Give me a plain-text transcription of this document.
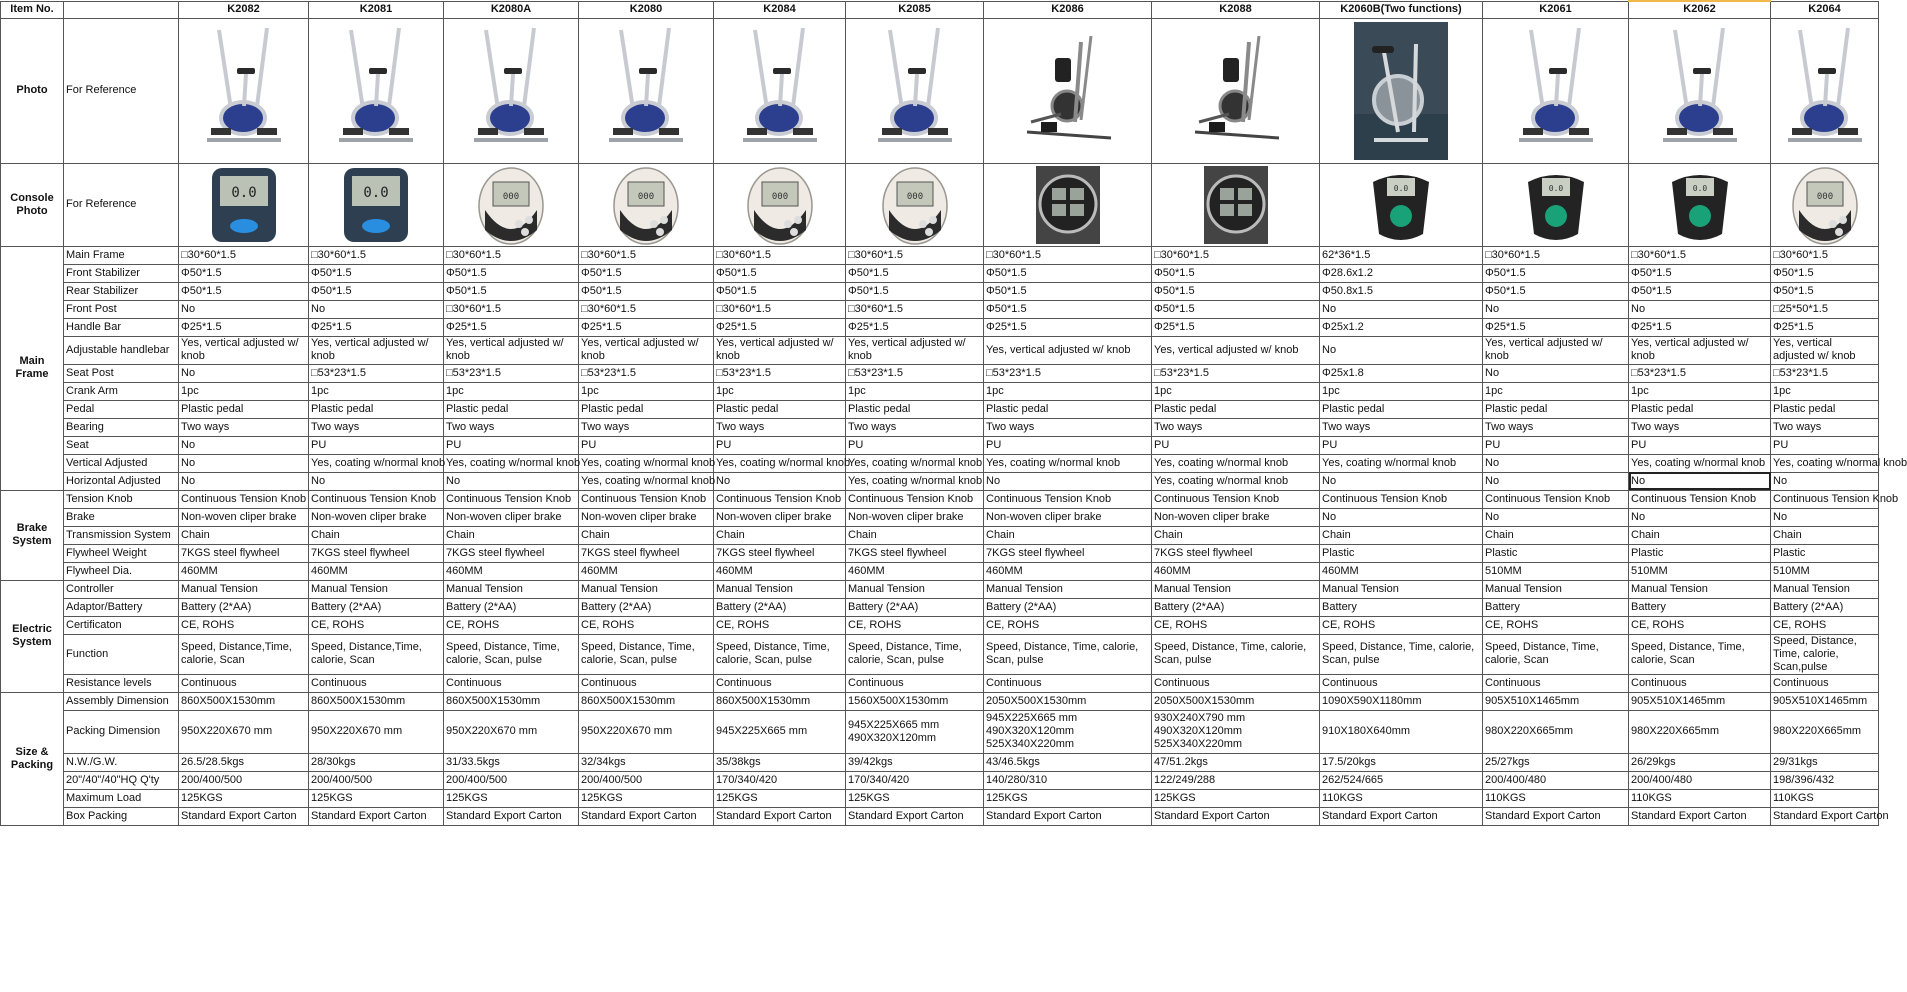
Item No.		K2082	K2081	K2080A	K2080	K2084	K2085	K2086	K2088	K2060B(Two functions)	K2061	K2062	K2064
Photo	For Reference	

Console Photo	For Reference	0.0	0.0	000	000	000	000			0.0	0.0	0.0	000

Main Frame	Main Frame	□30*60*1.5	□30*60*1.5	□30*60*1.5	□30*60*1.5	□30*60*1.5	□30*60*1.5	□30*60*1.5	□30*60*1.5	62*36*1.5	□30*60*1.5	□30*60*1.5	□30*60*1.5
	Front Stabilizer	Φ50*1.5	Φ50*1.5	Φ50*1.5	Φ50*1.5	Φ50*1.5	Φ50*1.5	Φ50*1.5	Φ50*1.5	Φ28.6x1.2	Φ50*1.5	Φ50*1.5	Φ50*1.5
	Rear Stabilizer	Φ50*1.5	Φ50*1.5	Φ50*1.5	Φ50*1.5	Φ50*1.5	Φ50*1.5	Φ50*1.5	Φ50*1.5	Φ50.8x1.5	Φ50*1.5	Φ50*1.5	Φ50*1.5
	Front Post	No	No	□30*60*1.5	□30*60*1.5	□30*60*1.5	□30*60*1.5	Φ50*1.5	Φ50*1.5	No	No	No	□25*50*1.5
	Handle Bar	Φ25*1.5	Φ25*1.5	Φ25*1.5	Φ25*1.5	Φ25*1.5	Φ25*1.5	Φ25*1.5	Φ25*1.5	Φ25x1.2	Φ25*1.5	Φ25*1.5	Φ25*1.5
	Adjustable handlebar	Yes, vertical adjusted w/ knob	Yes, vertical adjusted w/ knob	Yes, vertical adjusted w/ knob	Yes, vertical adjusted w/ knob	Yes, vertical adjusted w/ knob	Yes, vertical adjusted w/ knob	Yes, vertical adjusted w/ knob	Yes, vertical adjusted w/ knob	No	Yes, vertical adjusted w/ knob	Yes, vertical adjusted w/ knob	Yes, vertical adjusted w/ knob
	Seat Post	No	□53*23*1.5	□53*23*1.5	□53*23*1.5	□53*23*1.5	□53*23*1.5	□53*23*1.5	□53*23*1.5	Φ25x1.8	No	□53*23*1.5	□53*23*1.5
	Crank Arm	1pc	1pc	1pc	1pc	1pc	1pc	1pc	1pc	1pc	1pc	1pc	1pc
	Pedal	Plastic pedal	Plastic pedal	Plastic pedal	Plastic pedal	Plastic pedal	Plastic pedal	Plastic pedal	Plastic pedal	Plastic pedal	Plastic pedal	Plastic pedal	Plastic pedal
	Bearing	Two ways	Two ways	Two ways	Two ways	Two ways	Two ways	Two ways	Two ways	Two ways	Two ways	Two ways	Two ways
	Seat	No	PU	PU	PU	PU	PU	PU	PU	PU	PU	PU	PU
	Vertical Adjusted	No	Yes, coating w/normal knob	Yes, coating w/normal knob	Yes, coating w/normal knob	Yes, coating w/normal knob	Yes, coating w/normal knob	Yes, coating w/normal knob	Yes, coating w/normal knob	Yes, coating w/normal knob	No	Yes, coating w/normal knob	Yes, coating w/normal knob
	Horizontal Adjusted	No	No	No	Yes, coating w/normal knob	No	Yes, coating w/normal knob	No	Yes, coating w/normal knob	No	No	No	No
Brake System	Tension Knob	Continuous Tension Knob	Continuous Tension Knob	Continuous Tension Knob	Continuous Tension Knob	Continuous Tension Knob	Continuous Tension Knob	Continuous Tension Knob	Continuous Tension Knob	Continuous Tension Knob	Continuous Tension Knob	Continuous Tension Knob	Continuous Tension Knob
	Brake	Non-woven cliper brake	Non-woven cliper brake	Non-woven cliper brake	Non-woven cliper brake	Non-woven cliper brake	Non-woven cliper brake	Non-woven cliper brake	Non-woven cliper brake	No	No	No	No
	Transmission System	Chain	Chain	Chain	Chain	Chain	Chain	Chain	Chain	Chain	Chain	Chain	Chain
	Flywheel Weight	7KGS steel flywheel	7KGS steel flywheel	7KGS steel flywheel	7KGS steel flywheel	7KGS steel flywheel	7KGS steel flywheel	7KGS steel flywheel	7KGS steel flywheel	Plastic	Plastic	Plastic	Plastic
	Flywheel Dia.	460MM	460MM	460MM	460MM	460MM	460MM	460MM	460MM	460MM	510MM	510MM	510MM
Electric System	Controller	Manual Tension	Manual Tension	Manual Tension	Manual Tension	Manual Tension	Manual Tension	Manual Tension	Manual Tension	Manual Tension	Manual Tension	Manual Tension	Manual Tension
	Adaptor/Battery	Battery (2*AA)	Battery (2*AA)	Battery (2*AA)	Battery (2*AA)	Battery (2*AA)	Battery (2*AA)	Battery (2*AA)	Battery (2*AA)	Battery	Battery	Battery	Battery (2*AA)
	Certificaton	CE, ROHS	CE, ROHS	CE, ROHS	CE, ROHS	CE, ROHS	CE, ROHS	CE, ROHS	CE, ROHS	CE, ROHS	CE, ROHS	CE, ROHS	CE, ROHS
	Function	Speed, Distance,Time, calorie, Scan	Speed, Distance,Time, calorie, Scan	Speed, Distance, Time, calorie, Scan, pulse	Speed, Distance, Time, calorie, Scan, pulse	Speed, Distance, Time, calorie, Scan, pulse	Speed, Distance, Time, calorie, Scan, pulse	Speed, Distance, Time, calorie, Scan, pulse	Speed, Distance, Time, calorie, Scan, pulse	Speed, Distance, Time, calorie, Scan, pulse	Speed, Distance, Time, calorie, Scan	Speed, Distance, Time, calorie, Scan	Speed, Distance, Time, calorie, Scan,pulse
	Resistance levels	Continuous	Continuous	Continuous	Continuous	Continuous	Continuous	Continuous	Continuous	Continuous	Continuous	Continuous	Continuous
Size & Packing	Assembly Dimension	860X500X1530mm	860X500X1530mm	860X500X1530mm	860X500X1530mm	860X500X1530mm	1560X500X1530mm	2050X500X1530mm	2050X500X1530mm	1090X590X1180mm	905X510X1465mm	905X510X1465mm	905X510X1465mm
	Packing Dimension	950X220X670 mm	950X220X670 mm	950X220X670 mm	950X220X670 mm	945X225X665 mm	945X225X665 mm 490X320X120mm	945X225X665 mm 490X320X120mm 525X340X220mm	930X240X790 mm 490X320X120mm 525X340X220mm	910X180X640mm	980X220X665mm	980X220X665mm	980X220X665mm
	N.W./G.W.	26.5/28.5kgs	28/30kgs	31/33.5kgs	32/34kgs	35/38kgs	39/42kgs	43/46.5kgs	47/51.2kgs	17.5/20kgs	25/27kgs	26/29kgs	29/31kgs
	20"/40"/40"HQ Q'ty	200/400/500	200/400/500	200/400/500	200/400/500	170/340/420	170/340/420	140/280/310	122/249/288	262/524/665	200/400/480	200/400/480	198/396/432
	Maximum Load	125KGS	125KGS	125KGS	125KGS	125KGS	125KGS	125KGS	125KGS	110KGS	110KGS	110KGS	110KGS
	Box Packing	Standard Export Carton	Standard Export Carton	Standard Export Carton	Standard Export Carton	Standard Export Carton	Standard Export Carton	Standard Export Carton	Standard Export Carton	Standard Export Carton	Standard Export Carton	Standard Export Carton	Standard Export Carton
